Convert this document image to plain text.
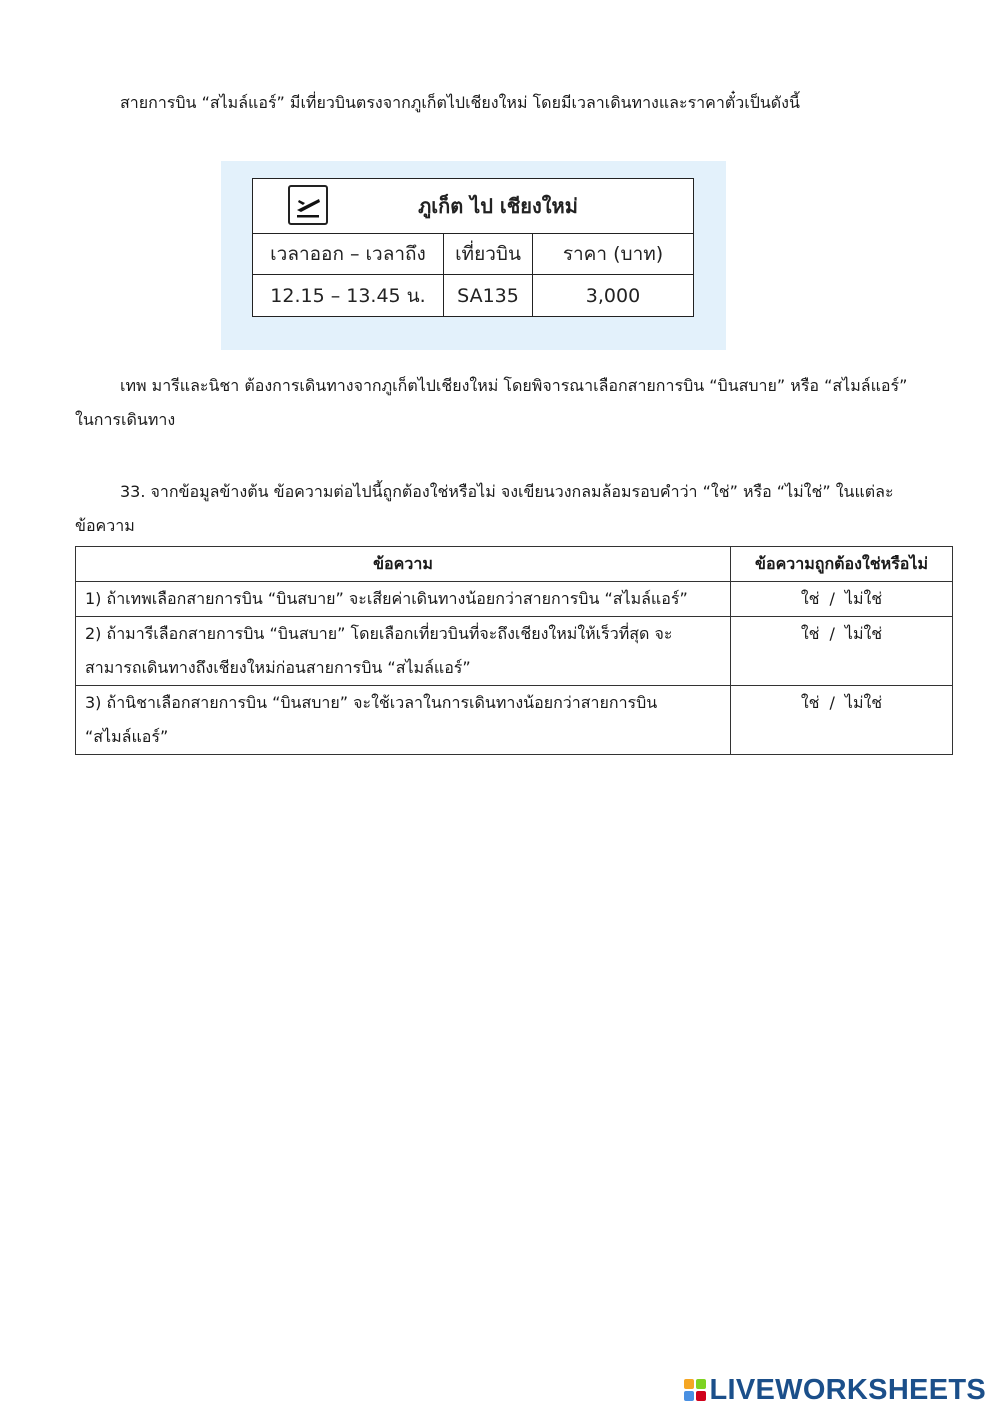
สายการบิน “สไมล์แอร์” มีเที่ยวบินตรงจากภูเก็ตไปเชียงใหม่ โดยมีเวลาเดินทางและราคาตั๋วเป็นดังนี้

ภูเก็ต ไป เชียงใหม่		
เวลาออก – เวลาถึง	เที่ยวบิน	ราคา (บาท)
12.15 – 13.45 น.	SA135	3,000

เทพ มารีและนิชา ต้องการเดินทางจากภูเก็ตไปเชียงใหม่ โดยพิจารณาเลือกสายการบิน “บินสบาย” หรือ “สไมล์แอร์”

ในการเดินทาง

33. จากข้อมูลข้างต้น ข้อความต่อไปนี้ถูกต้องใช่หรือไม่ จงเขียนวงกลมล้อมรอบคำว่า “ใช่” หรือ “ไม่ใช่” ในแต่ละ

ข้อความ

ข้อความ	ข้อความถูกต้องใช่หรือไม่

1) ถ้าเทพเลือกสายการบิน “บินสบาย” จะเสียค่าเดินทางน้อยกว่าสายการบิน “สไมล์แอร์”	ใช่ / ไม่ใช่

2) ถ้ามารีเลือกสายการบิน “บินสบาย” โดยเลือกเที่ยวบินที่จะถึงเชียงใหม่ให้เร็วที่สุด จะ
สามารถเดินทางถึงเชียงใหม่ก่อนสายการบิน “สไมล์แอร์”	ใช่ / ไม่ใช่

3) ถ้านิชาเลือกสายการบิน “บินสบาย” จะใช้เวลาในการเดินทางน้อยกว่าสายการบิน
“สไมล์แอร์”	ใช่ / ไม่ใช่
LIVEWORKSHEETS
